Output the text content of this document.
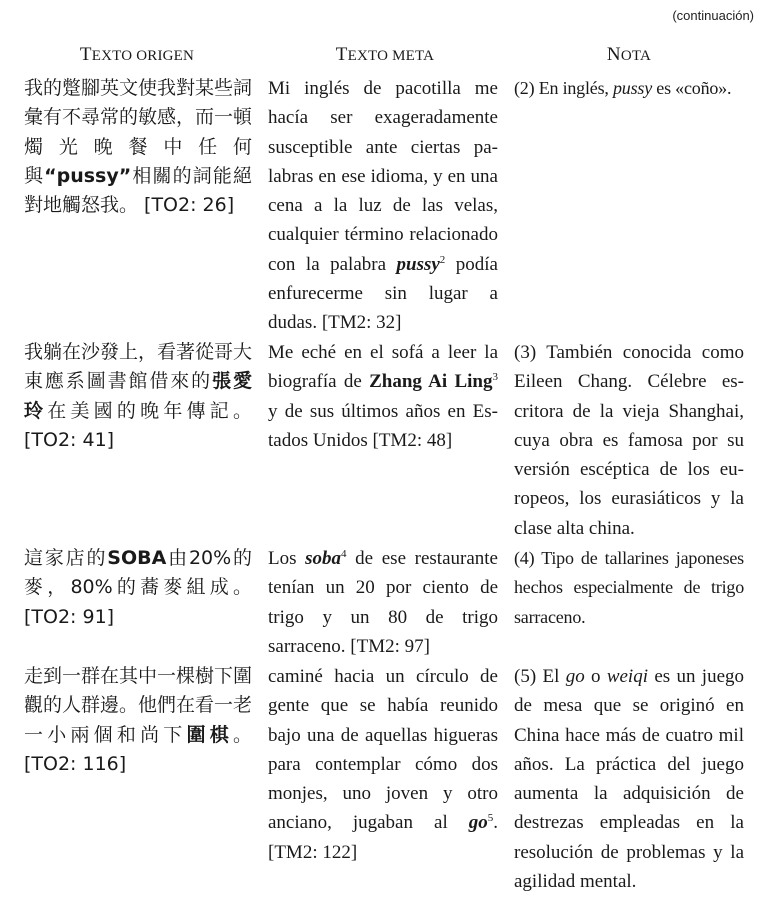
(continuación)
TEXTO ORIGEN	TEXTO META	NOTA
我的蹩腳英文使我對某些詞彙有不尋常的敏感，而一頓燭光晚餐中任何與“pussy”相關的詞能絕對地觸怒我。 [TO2: 26]
Mi inglés de pacotilla me hacía ser exageradamente susceptible ante ciertas palabras en ese idioma, y en una cena a la luz de las velas, cualquier término relacionado con la palabra pussy$^2$ podía enfurecerme sin lugar a dudas. [TM2: 32]
(2) En inglés, pussy es «coño».
我躺在沙發上，看著從哥大東應系圖書館借來的張愛玲在美國的晚年傳記。 [TO2: 41]
Me eché en el sofá a leer la biografía de Zhang Ai Ling$^3$ y de sus últimos años en Estados Unidos [TM2: 48]
(3) También conocida como Eileen Chang. Célebre escritora de la vieja Shanghai, cuya obra es famosa por su versión escéptica de los europeos, los eurasiáticos y la clase alta china.
這家店的SOBA由20%的麥，80%的蕎麥組成。 [TO2: 91]
Los soba$^4$ de ese restaurante tenían un 20 por ciento de trigo y un 80 de trigo sarraceno. [TM2: 97]
(4) Tipo de tallarines japoneses hechos especialmente de trigo sarraceno.
走到一群在其中一棵樹下圍觀的人群邊。他們在看一老一小兩個和尚下圍棋。 [TO2: 116]
caminé hacia un círculo de gente que se había reunido bajo una de aquellas higueras para contemplar cómo dos monjes, uno joven y otro anciano, jugaban al $go^5$. [TM2: 122]
(5) El go o weiqi es un juego de mesa que se originó en China hace más de cuatro mil años. La práctica del juego aumenta la adquisición de destrezas empleadas en la resolución de problemas y la agilidad mental.
